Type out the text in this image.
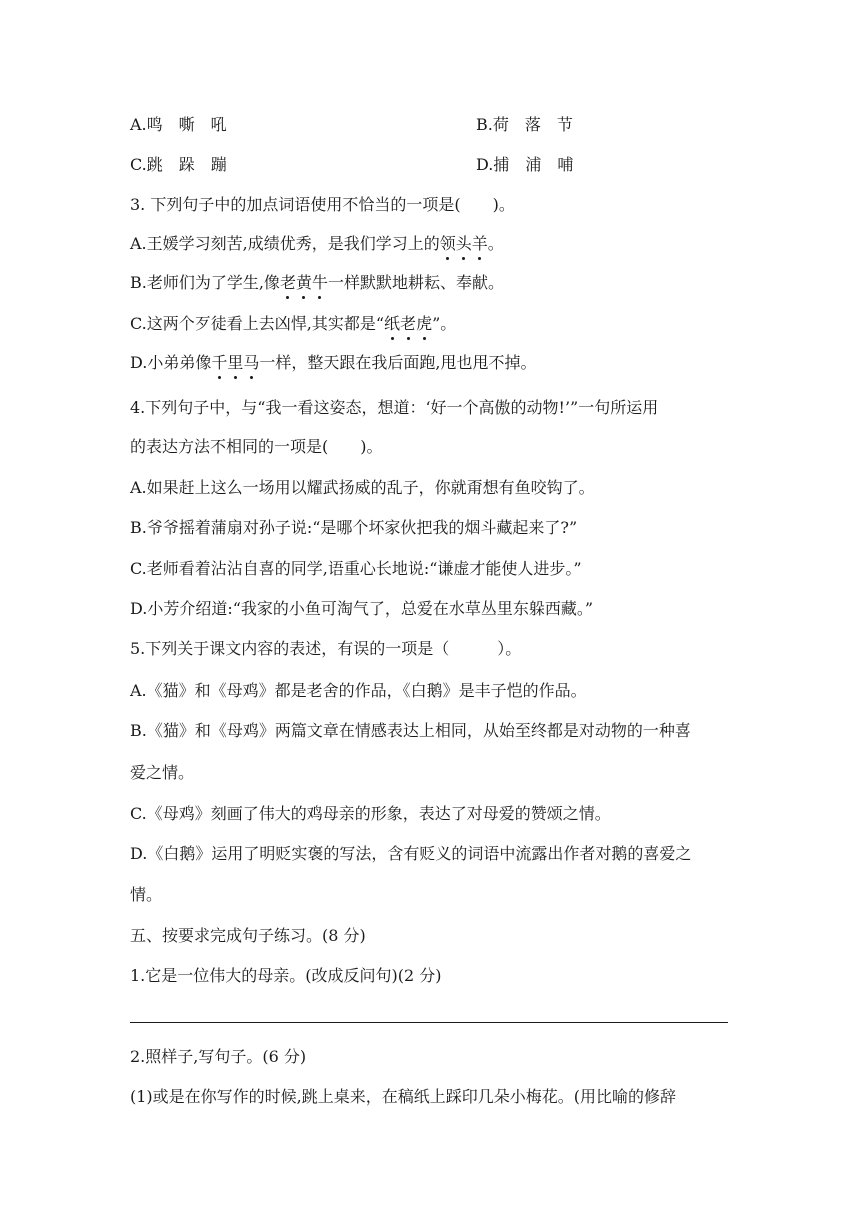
A.鸣　嘶　吼	B.荷　落　节
C.跳　跺　蹦	D.捕　浦　哺
3. 下列句子中的加点词语使用不恰当的一项是(　　)。
A.王媛学习刻苦,成绩优秀，是我们学习上的领头羊。
B.老师们为了学生,像老黄牛一样默默地耕耘、奉献。
C.这两个歹徒看上去凶悍,其实都是“纸老虎”。
D.小弟弟像千里马一样，整天跟在我后面跑,甩也甩不掉。
4.下列句子中，与“我一看这姿态，想道：‘好一个高傲的动物!’”一句所运用
的表达方法不相同的一项是(　　)。
A.如果赶上这么一场用以耀武扬威的乱子，你就甭想有鱼咬钩了。
B.爷爷摇着蒲扇对孙子说:“是哪个坏家伙把我的烟斗藏起来了?”
C.老师看着沾沾自喜的同学,语重心长地说:“谦虚才能使人进步。”
D.小芳介绍道:“我家的小鱼可淘气了，总爱在水草丛里东躲西藏。”
5.下列关于课文内容的表述，有误的一项是（　　　）。
A.《猫》和《母鸡》都是老舍的作品，《白鹅》是丰子恺的作品。
B.《猫》和《母鸡》两篇文章在情感表达上相同，从始至终都是对动物的一种喜
爱之情。
C.《母鸡》刻画了伟大的鸡母亲的形象，表达了对母爱的赞颂之情。
D.《白鹅》运用了明贬实褒的写法，含有贬义的词语中流露出作者对鹅的喜爱之
情。
五、按要求完成句子练习。(8 分)
1.它是一位伟大的母亲。(改成反问句)(2 分)
2.照样子,写句子。(6 分)
(1)或是在你写作的时候,跳上桌来，在稿纸上踩印几朵小梅花。(用比喻的修辞
